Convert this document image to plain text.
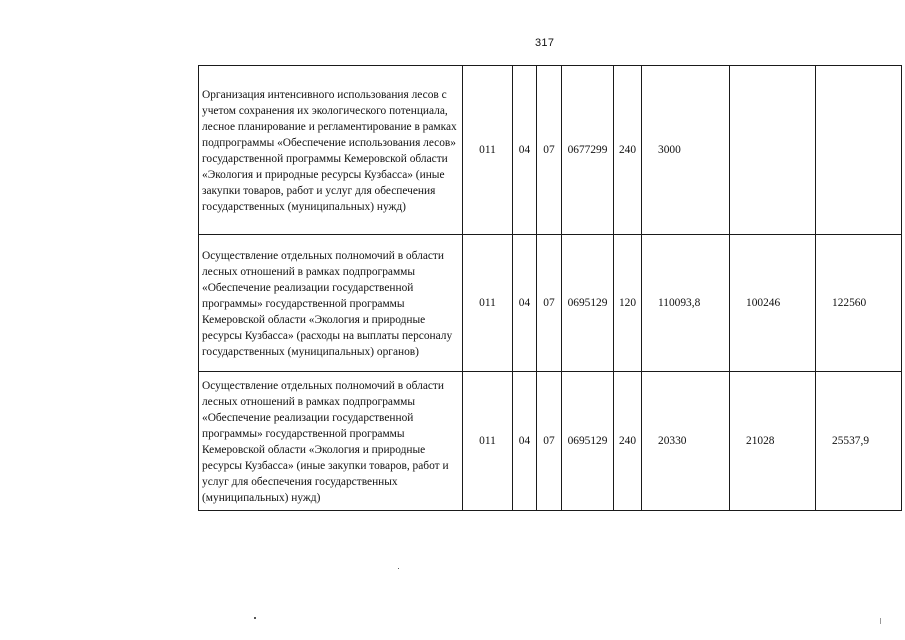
317
Организация интенсивного использования лесов с учетом сохранения их экологического потенциала, лесное планирование и регламентирование в рамках подпрограммы «Обеспечение использования лесов» государственной программы Кемеровской области «Экология и природные ресурсы Кузбасса» (иные закупки товаров, работ и услуг для обеспечения государственных (муниципальных) нужд)	011	04	07	0677299	240	3000		
Осуществление отдельных полномочий в области лесных отношений в рамках подпрограммы «Обеспечение реализации государственной программы» государственной программы Кемеровской области «Экология и природные ресурсы Кузбасса» (расходы на выплаты персоналу государственных (муниципальных) органов)	011	04	07	0695129	120	110093,8	100246	122560
Осуществление отдельных полномочий в области лесных отношений в рамках подпрограммы «Обеспечение реализации государственной программы» государственной программы Кемеровской области «Экология и природные ресурсы Кузбасса» (иные закупки товаров, работ и услуг для обеспечения государственных (муниципальных) нужд)	011	04	07	0695129	240	20330	21028	25537,9
